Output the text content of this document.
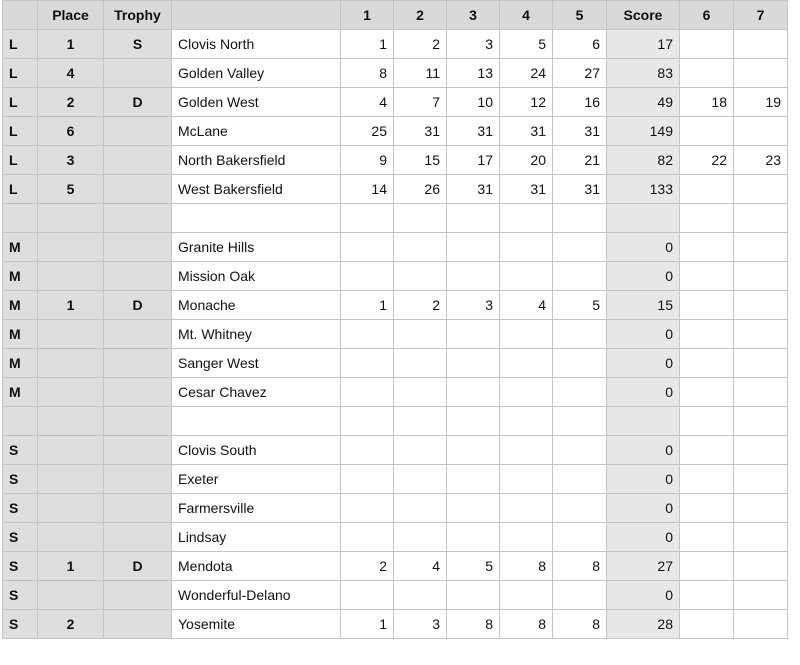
	Place	Trophy		1	2	3	4	5	Score	6	7
L	1	S	Clovis North	1	2	3	5	6	17		
L	4		Golden Valley	8	11	13	24	27	83		
L	2	D	Golden West	4	7	10	12	16	49	18	19
L	6		McLane	25	31	31	31	31	149		
L	3		North Bakersfield	9	15	17	20	21	82	22	23
L	5		West Bakersfield	14	26	31	31	31	133		

M			Granite Hills						0		
M			Mission Oak						0		
M	1	D	Monache	1	2	3	4	5	15		
M			Mt. Whitney						0		
M			Sanger West						0		
M			Cesar Chavez						0		

S			Clovis South						0		
S			Exeter						0		
S			Farmersville						0		
S			Lindsay						0		
S	1	D	Mendota	2	4	5	8	8	27		
S			Wonderful-Delano						0		
S	2		Yosemite	1	3	8	8	8	28		
